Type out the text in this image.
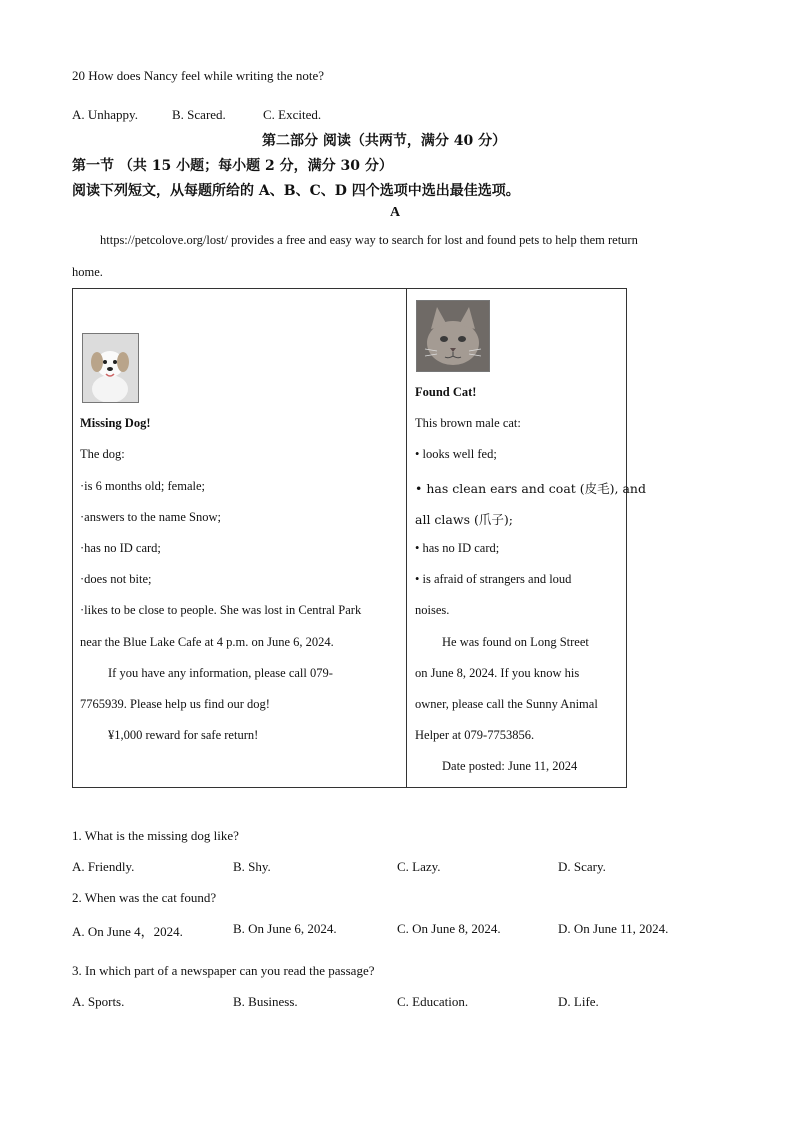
20 How does Nancy feel while writing the note?
A. Unhappy.	B. Scared.	C. Excited.
第二部分 阅读（共两节，满分 40 分）
第一节 （共 15 小题；每小题 2 分，满分 30 分）
阅读下列短文，从每题所给的 A、B、C、D 四个选项中选出最佳选项。
A
https://petcolove.org/lost/ provides a free and easy way to search for lost and found pets to help them return
home.
Missing Dog!
The dog:
·is 6 months old; female;
·answers to the name Snow;
·has no ID card;
·does not bite;
·likes to be close to people. She was lost in Central Park
near the Blue Lake Cafe at 4 p.m. on June 6, 2024.
If you have any information, please call 079-
7765939. Please help us find our dog!
¥1,000 reward for safe return!
Found Cat!
This brown male cat:
• looks well fed;
• has clean ears and coat (皮毛), and
all claws (爪子);
• has no ID card;
• is afraid of strangers and loud
noises.
He was found on Long Street
on June 8, 2024. If you know his
owner, please call the Sunny Animal
Helper at 079-7753856.
Date posted: June 11, 2024
1. What is the missing dog like?
A. Friendly.	B. Shy.	C. Lazy.	D. Scary.
2. When was the cat found?
A. On June 4，2024.	B. On June 6, 2024.	C. On June 8, 2024.	D. On June 11, 2024.
3. In which part of a newspaper can you read the passage?
A. Sports.	B. Business.	C. Education.	D. Life.
